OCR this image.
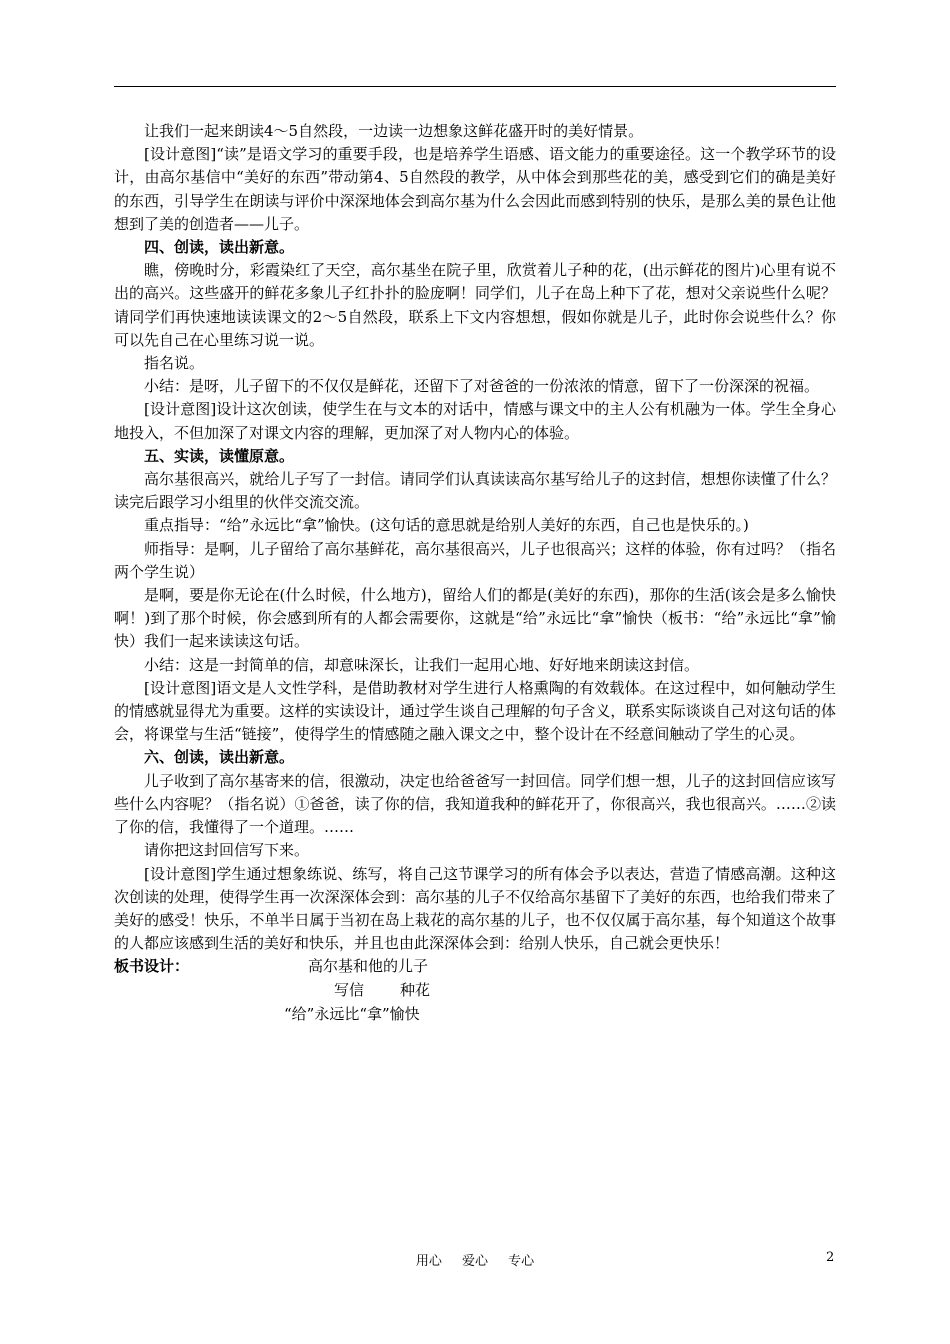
让我们一起来朗读4～5自然段，一边读一边想象这鲜花盛开时的美好情景。

[设计意图]“读”是语文学习的重要手段，也是培养学生语感、语文能力的重要途径。这一个教学环节的设计，由高尔基信中“美好的东西”带动第4、5自然段的教学，从中体会到那些花的美，感受到它们的确是美好的东西，引导学生在朗读与评价中深深地体会到高尔基为什么会因此而感到特别的快乐，是那么美的景色让他想到了美的创造者——儿子。

四、创读，读出新意。

瞧，傍晚时分，彩霞染红了天空，高尔基坐在院子里，欣赏着儿子种的花，(出示鲜花的图片)心里有说不出的高兴。这些盛开的鲜花多象儿子红扑扑的脸庞啊！同学们，儿子在岛上种下了花，想对父亲说些什么呢？请同学们再快速地读读课文的2～5自然段，联系上下文内容想想，假如你就是儿子，此时你会说些什么？你可以先自己在心里练习说一说。

指名说。

小结：是呀，儿子留下的不仅仅是鲜花，还留下了对爸爸的一份浓浓的情意，留下了一份深深的祝福。

[设计意图]设计这次创读，使学生在与文本的对话中，情感与课文中的主人公有机融为一体。学生全身心地投入，不但加深了对课文内容的理解，更加深了对人物内心的体验。

五、实读，读懂原意。

高尔基很高兴，就给儿子写了一封信。请同学们认真读读高尔基写给儿子的这封信，想想你读懂了什么？读完后跟学习小组里的伙伴交流交流。

重点指导：“给”永远比“拿”愉快。(这句话的意思就是给别人美好的东西，自己也是快乐的。)

师指导：是啊，儿子留给了高尔基鲜花，高尔基很高兴，儿子也很高兴；这样的体验，你有过吗？（指名两个学生说）

是啊，要是你无论在(什么时候，什么地方)，留给人们的都是(美好的东西)，那你的生活(该会是多么愉快啊！)到了那个时候，你会感到所有的人都会需要你，这就是“给”永远比“拿”愉快（板书：“给”永远比“拿”愉快）我们一起来读读这句话。

小结：这是一封简单的信，却意味深长，让我们一起用心地、好好地来朗读这封信。

[设计意图]语文是人文性学科，是借助教材对学生进行人格熏陶的有效载体。在这过程中，如何触动学生的情感就显得尤为重要。这样的实读设计，通过学生谈自己理解的句子含义，联系实际谈谈自己对这句话的体会，将课堂与生活“链接”，使得学生的情感随之融入课文之中，整个设计在不经意间触动了学生的心灵。

六、创读，读出新意。

儿子收到了高尔基寄来的信，很激动，决定也给爸爸写一封回信。同学们想一想，儿子的这封回信应该写些什么内容呢？（指名说）①爸爸，读了你的信，我知道我种的鲜花开了，你很高兴，我也很高兴。……②读了你的信，我懂得了一个道理。……

请你把这封回信写下来。

[设计意图]学生通过想象练说、练写，将自己这节课学习的所有体会予以表达，营造了情感高潮。这种这次创读的处理，使得学生再一次深深体会到：高尔基的儿子不仅给高尔基留下了美好的东西，也给我们带来了美好的感受！快乐，不单半日属于当初在岛上栽花的高尔基的儿子，也不仅仅属于高尔基，每个知道这个故事的人都应该感到生活的美好和快乐，并且也由此深深体会到：给别人快乐，自己就会更快乐！

板书设计：	高尔基和他的儿子
写信 种花
“给”永远比“拿”愉快
用心 爱心 专心	2
